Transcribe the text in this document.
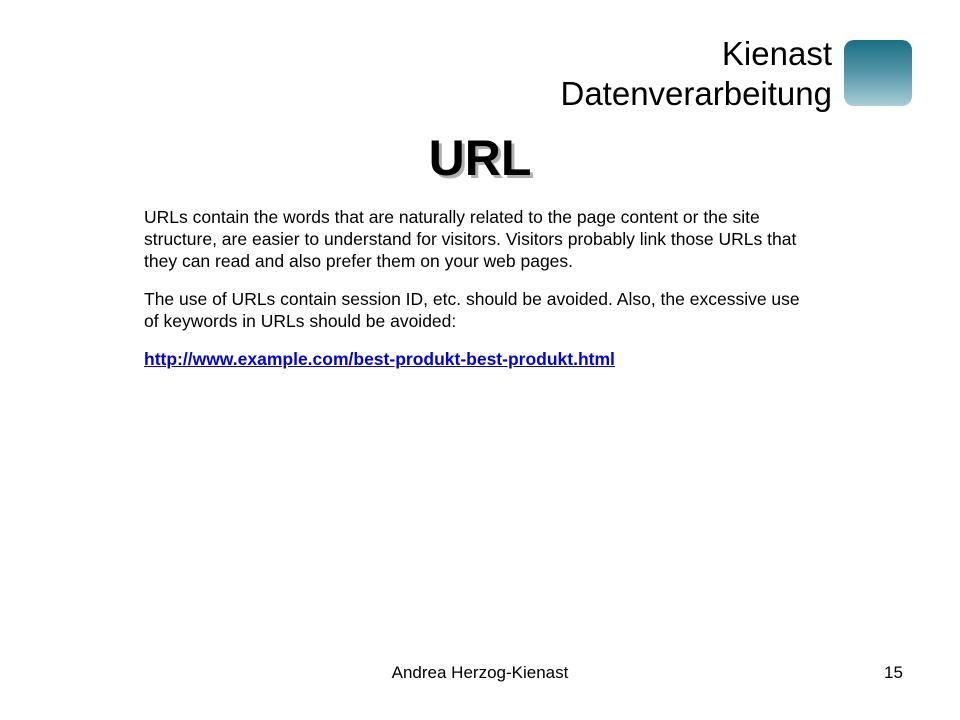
Kienast
Datenverarbeitung
URL

URLs contain the words that are naturally related to the page content or the site structure, are easier to understand for visitors. Visitors probably link those URLs that they can read and also prefer them on your web pages.

The use of URLs contain session ID, etc. should be avoided. Also, the excessive use of keywords in URLs should be avoided:

http://www.example.com/best-produkt-best-produkt.html
Andrea Herzog-Kienast	15
